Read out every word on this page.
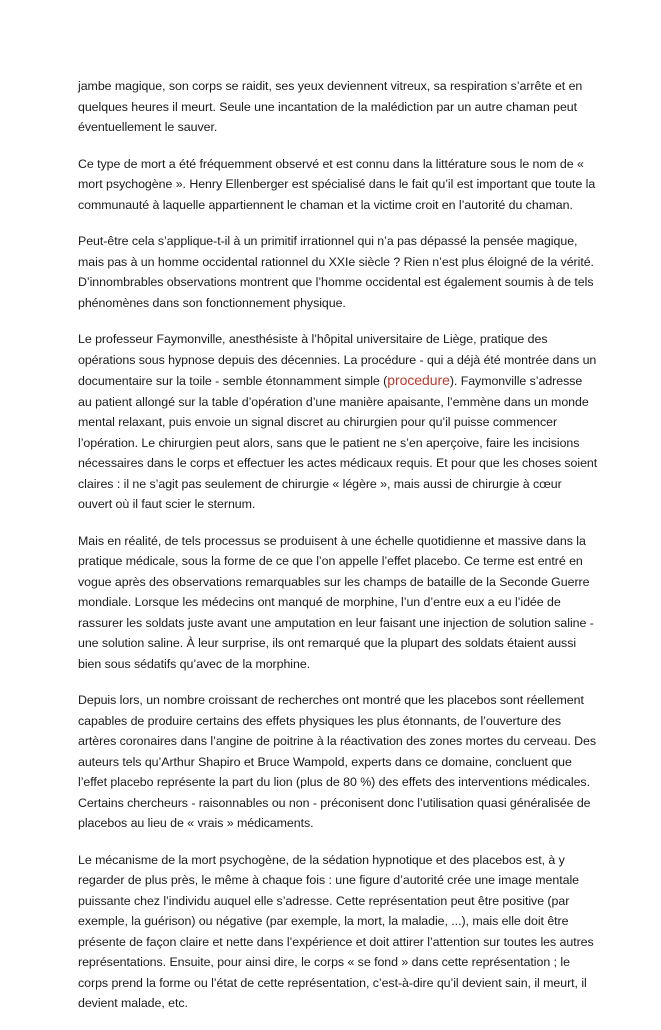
jambe magique, son corps se raidit, ses yeux deviennent vitreux, sa respiration s’arrête et en quelques heures il meurt. Seule une incantation de la malédiction par un autre chaman peut éventuellement le sauver.

Ce type de mort a été fréquemment observé et est connu dans la littérature sous le nom de « mort psychogène ». Henry Ellenberger est spécialisé dans le fait qu’il est important que toute la communauté à laquelle appartiennent le chaman et la victime croit en l’autorité du chaman.

Peut-être cela s’applique-t-il à un primitif irrationnel qui n’a pas dépassé la pensée magique, mais pas à un homme occidental rationnel du XXIe siècle ? Rien n’est plus éloigné de la vérité. D’innombrables observations montrent que l’homme occidental est également soumis à de tels phénomènes dans son fonctionnement physique.

Le professeur Faymonville, anesthésiste à l’hôpital universitaire de Liège, pratique des opérations sous hypnose depuis des décennies. La procédure - qui a déjà été montrée dans un documentaire sur la toile - semble étonnamment simple (procedure). Faymonville s’adresse au patient allongé sur la table d’opération d’une manière apaisante, l’emmène dans un monde mental relaxant, puis envoie un signal discret au chirurgien pour qu’il puisse commencer l’opération. Le chirurgien peut alors, sans que le patient ne s’en aperçoive, faire les incisions nécessaires dans le corps et effectuer les actes médicaux requis. Et pour que les choses soient claires : il ne s’agit pas seulement de chirurgie « légère », mais aussi de chirurgie à cœur ouvert où il faut scier le sternum.

Mais en réalité, de tels processus se produisent à une échelle quotidienne et massive dans la pratique médicale, sous la forme de ce que l’on appelle l’effet placebo. Ce terme est entré en vogue après des observations remarquables sur les champs de bataille de la Seconde Guerre mondiale. Lorsque les médecins ont manqué de morphine, l’un d’entre eux a eu l’idée de rassurer les soldats juste avant une amputation en leur faisant une injection de solution saline - une solution saline. À leur surprise, ils ont remarqué que la plupart des soldats étaient aussi bien sous sédatifs qu’avec de la morphine.

Depuis lors, un nombre croissant de recherches ont montré que les placebos sont réellement capables de produire certains des effets physiques les plus étonnants, de l’ouverture des artères coronaires dans l’angine de poitrine à la réactivation des zones mortes du cerveau. Des auteurs tels qu’Arthur Shapiro et Bruce Wampold, experts dans ce domaine, concluent que l’effet placebo représente la part du lion (plus de 80 %) des effets des interventions médicales. Certains chercheurs - raisonnables ou non - préconisent donc l’utilisation quasi généralisée de placebos au lieu de « vrais » médicaments.

Le mécanisme de la mort psychogène, de la sédation hypnotique et des placebos est, à y regarder de plus près, le même à chaque fois : une figure d’autorité crée une image mentale puissante chez l’individu auquel elle s’adresse. Cette représentation peut être positive (par exemple, la guérison) ou négative (par exemple, la mort, la maladie, ...), mais elle doit être présente de façon claire et nette dans l’expérience et doit attirer l’attention sur toutes les autres représentations. Ensuite, pour ainsi dire, le corps « se fond » dans cette représentation ; le corps prend la forme ou l’état de cette représentation, c’est-à-dire qu’il devient sain, il meurt, il devient malade, etc.
